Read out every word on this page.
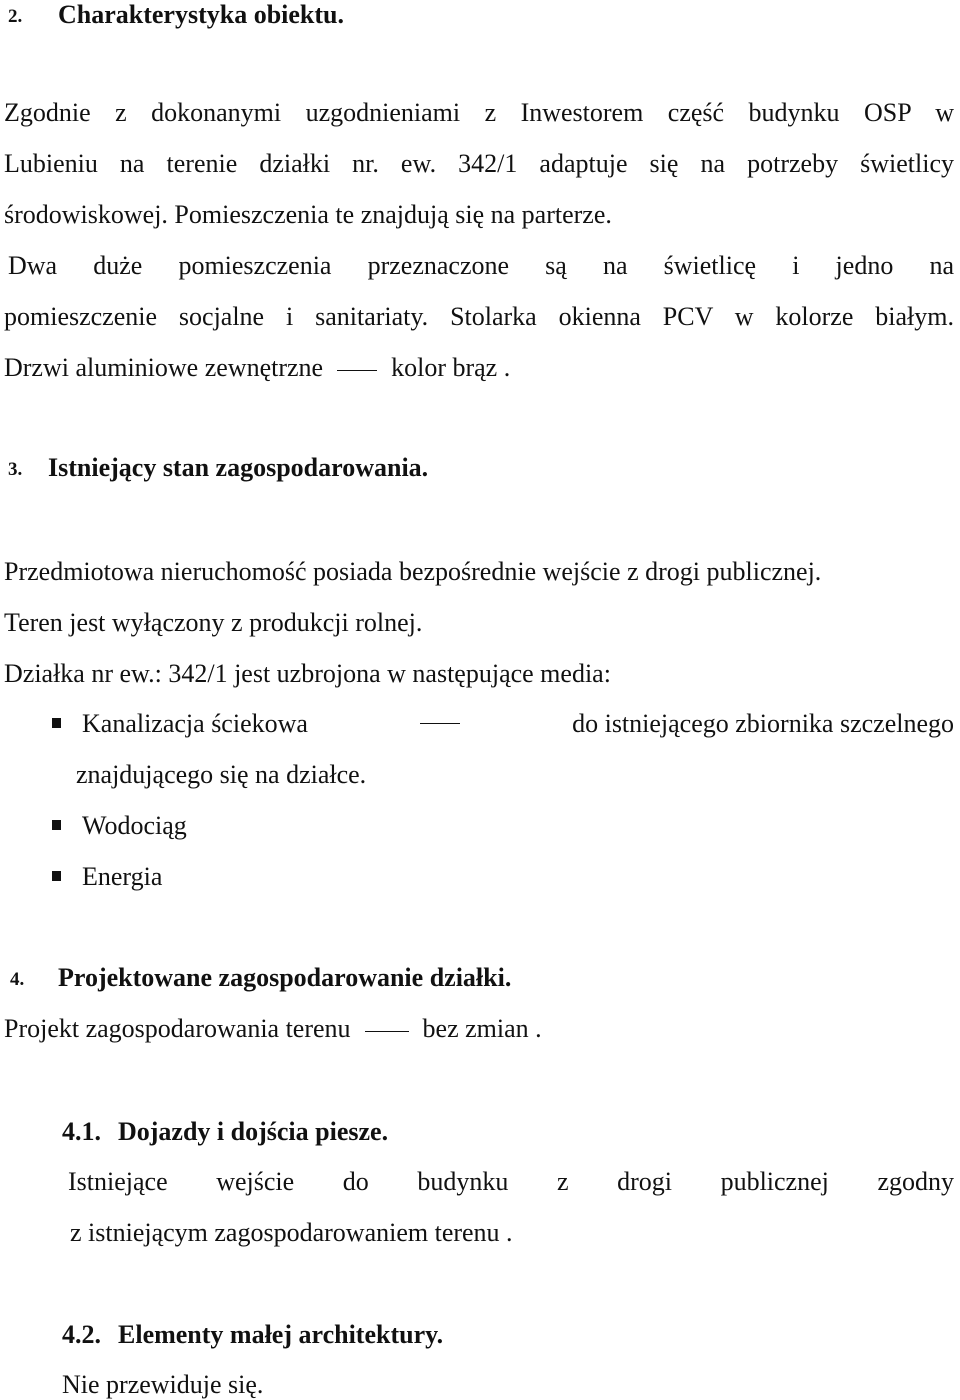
2. Charakterystyka obiektu.
Zgodnie z dokonanymi uzgodnieniami z Inwestorem część budynku OSP w
Lubieniu na terenie działki nr. ew. 342/1 adaptuje się na potrzeby świetlicy
środowiskowej. Pomieszczenia te znajdują się na parterze.
Dwa duże pomieszczenia przeznaczone są na świetlicę i jedno na
pomieszczenie socjalne i sanitariaty. Stolarka okienna PCV w kolorze białym.
Drzwi aluminiowe zewnętrzne	kolor brąz .
3. Istniejący stan zagospodarowania.
Przedmiotowa nieruchomość posiada bezpośrednie wejście z drogi publicznej.
Teren jest wyłączony z produkcji rolnej.
Działka nr ew.: 342/1 jest uzbrojona w następujące media:
Kanalizacja ściekowa	do istniejącego zbiornika szczelnego
znajdującego się na działce.
Wodociąg
Energia
4. Projektowane zagospodarowanie działki.
Projekt zagospodarowania terenu	bez zmian .
4.1. Dojazdy i dojścia piesze.
Istniejące wejście do budynku z drogi publicznej zgodny
z istniejącym zagospodarowaniem terenu .
4.2. Elementy małej architektury.
Nie przewiduje się.
